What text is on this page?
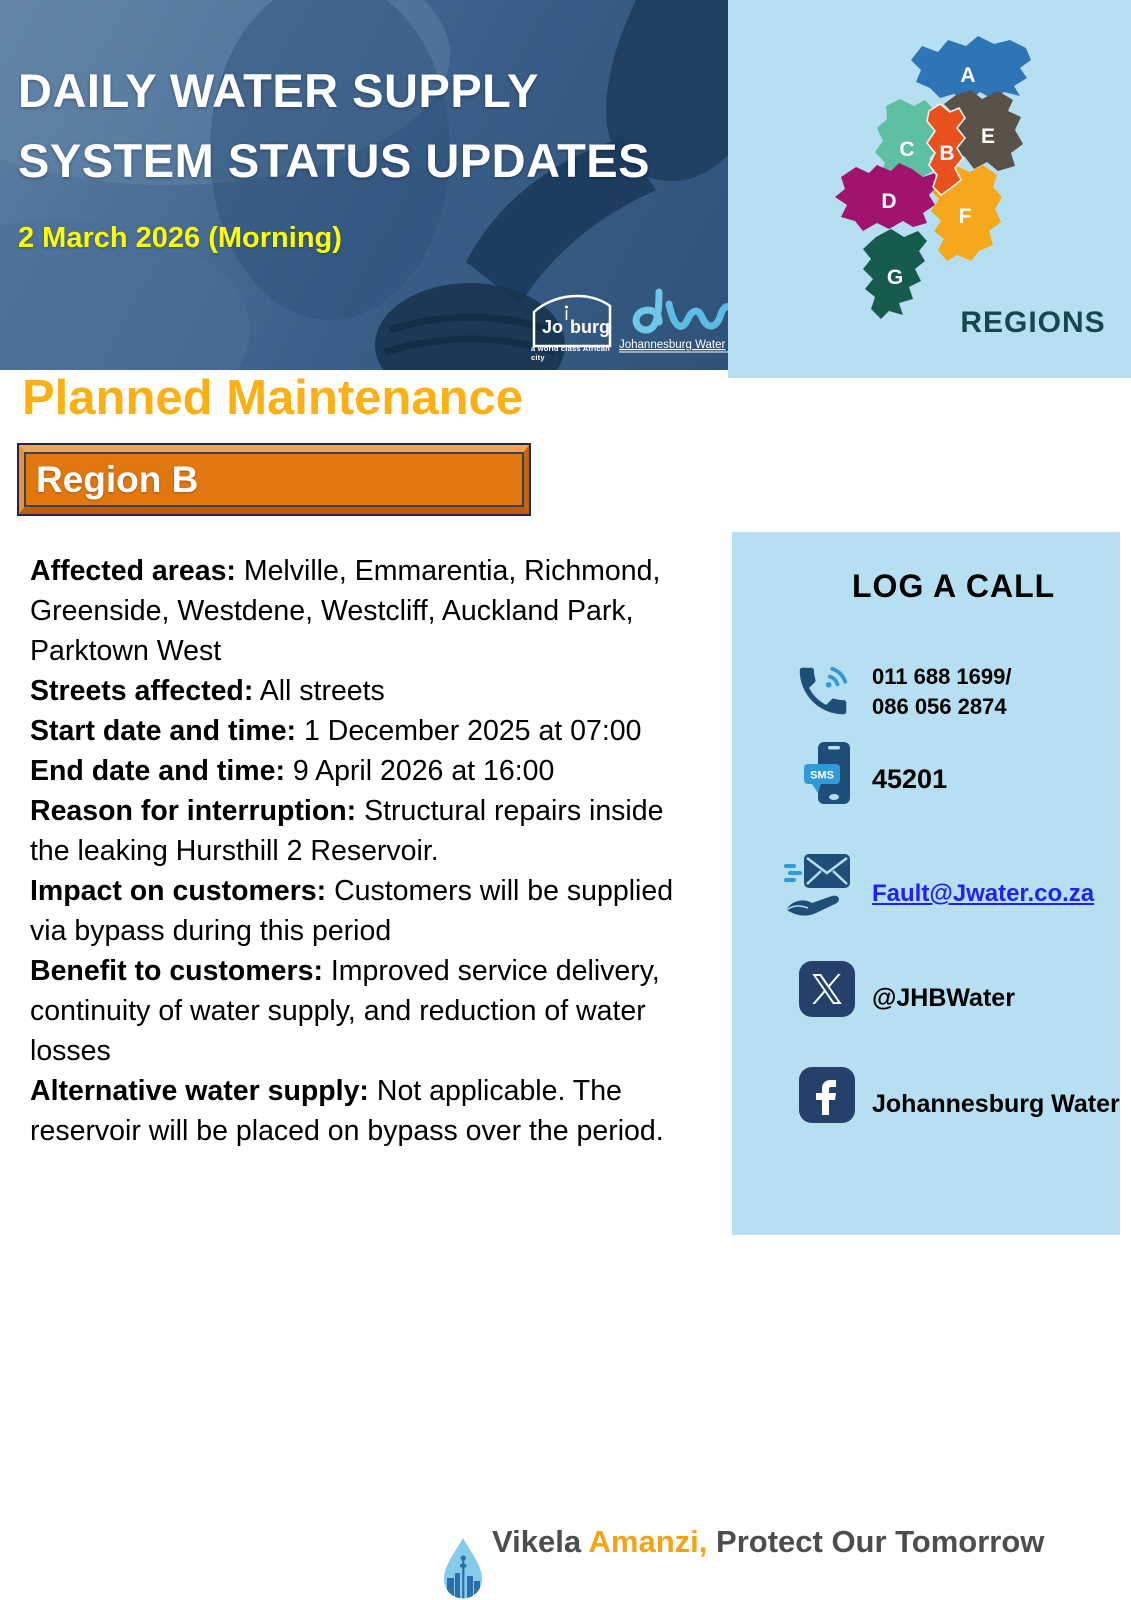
DAILY WATER SUPPLY
SYSTEM STATUS UPDATES
2 March 2026 (Morning)
Jo burg
a world class African city
Johannesburg Water
A
B
C
D
E
F
G
REGIONS
Planned Maintenance
Region B

Affected areas: Melville, Emmarentia, Richmond, Greenside, Westdene, Westcliff, Auckland Park, Parktown West

Streets affected: All streets

Start date and time: 1 December 2025 at 07:00

End date and time: 9 April 2026 at 16:00

Reason for interruption: Structural repairs inside the leaking Hursthill 2 Reservoir.

Impact on customers: Customers will be supplied via bypass during this period

Benefit to customers: Improved service delivery, continuity of water supply, and reduction of water losses

Alternative water supply: Not applicable. The reservoir will be placed on bypass over the period.

LOG A CALL
011 688 1699/
086 056 2874
SMS 45201
Fault@Jwater.co.za
@JHBWater
Johannesburg Water
Vikela Amanzi, Protect Our Tomorrow
